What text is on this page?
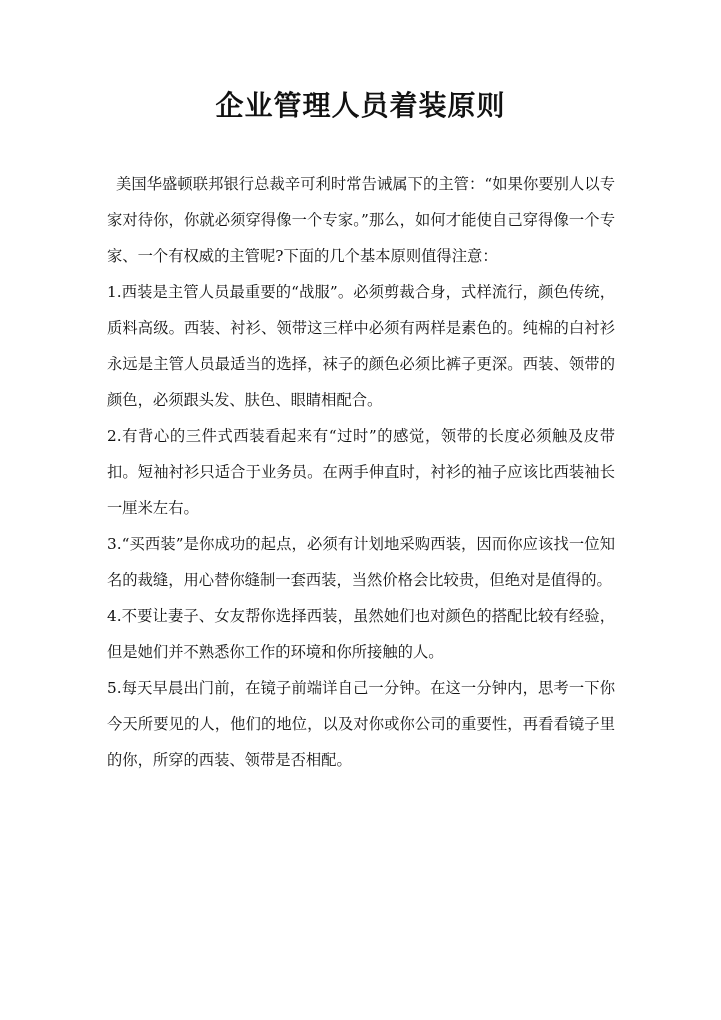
企业管理人员着装原则

美国华盛顿联邦银行总裁辛可利时常告诫属下的主管：“如果你要别人以专家对待你，你就必须穿得像一个专家。”那么，如何才能使自己穿得像一个专家、一个有权威的主管呢?下面的几个基本原则值得注意：

1.西装是主管人员最重要的“战服”。必须剪裁合身，式样流行，颜色传统，质料高级。西装、衬衫、领带这三样中必须有两样是素色的。纯棉的白衬衫永远是主管人员最适当的选择，袜子的颜色必须比裤子更深。西装、领带的颜色，必须跟头发、肤色、眼睛相配合。

2.有背心的三件式西装看起来有“过时”的感觉，领带的长度必须触及皮带扣。短袖衬衫只适合于业务员。在两手伸直时，衬衫的袖子应该比西装袖长一厘米左右。

3.“买西装”是你成功的起点，必须有计划地采购西装，因而你应该找一位知名的裁缝，用心替你缝制一套西装，当然价格会比较贵，但绝对是值得的。

4.不要让妻子、女友帮你选择西装，虽然她们也对颜色的搭配比较有经验，但是她们并不熟悉你工作的环境和你所接触的人。

5.每天早晨出门前，在镜子前端详自己一分钟。在这一分钟内，思考一下你今天所要见的人，他们的地位，以及对你或你公司的重要性，再看看镜子里的你，所穿的西装、领带是否相配。
